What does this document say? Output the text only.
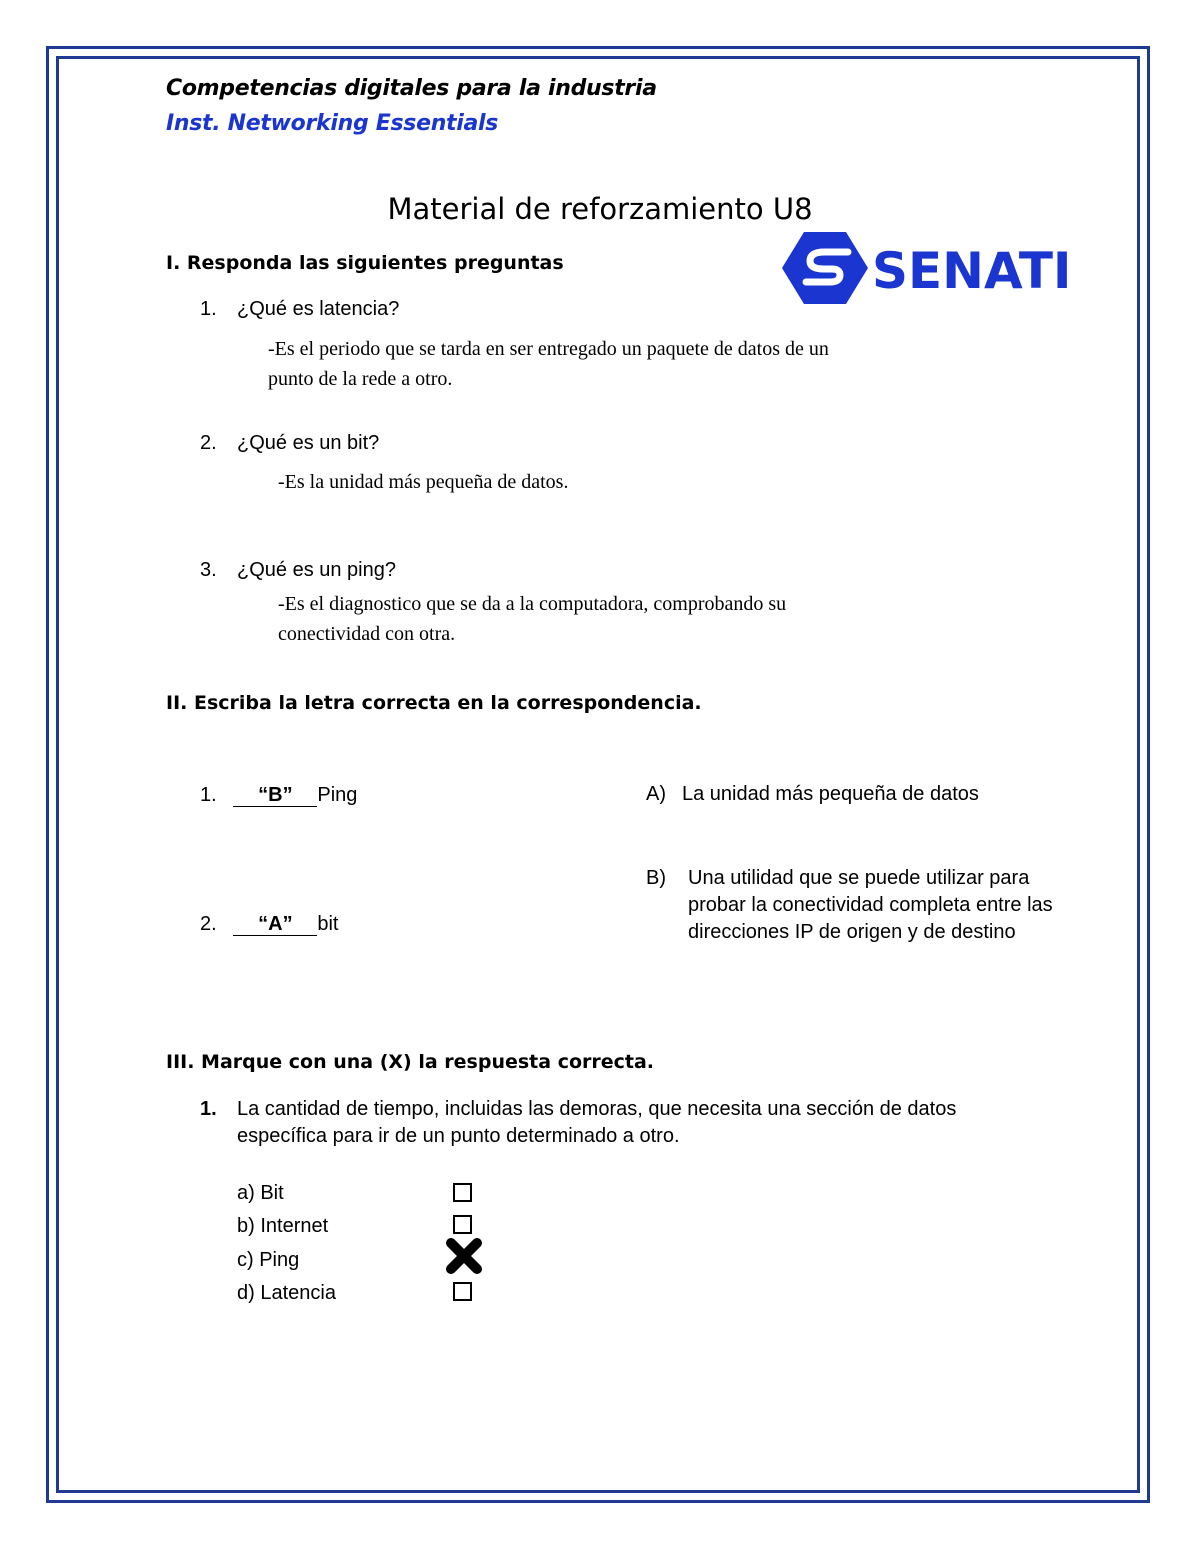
Competencias digitales para la industria
Inst. Networking Essentials
Material de reforzamiento U8
SENATI
I. Responda las siguientes preguntas
1. ¿Qué es latencia?
-Es el periodo que se tarda en ser entregado un paquete de datos de un
punto de la rede a otro.
2. ¿Qué es un bit?
-Es la unidad más pequeña de datos.
3. ¿Qué es un ping?
-Es el diagnostico que se da a la computadora, comprobando su
conectividad con otra.
II. Escriba la letra correcta en la correspondencia.
1. “B” Ping
2. “A” bit
A) La unidad más pequeña de datos
B) Una utilidad que se puede utilizar para probar la conectividad completa entre las direcciones IP de origen y de destino
III. Marque con una (X) la respuesta correcta.
1. La cantidad de tiempo, incluidas las demoras, que necesita una sección de datos
específica para ir de un punto determinado a otro.
a) Bit
b) Internet
c) Ping
d) Latencia
